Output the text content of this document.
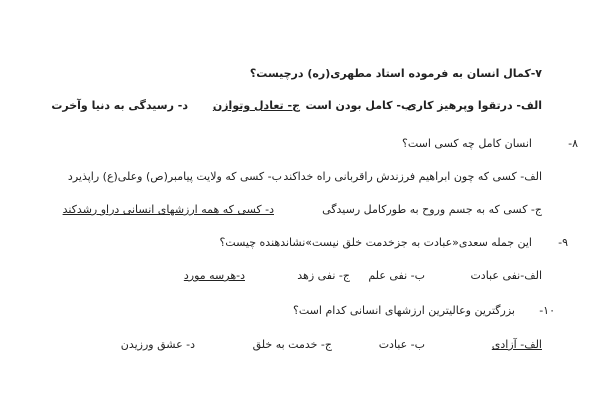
۷-کمال انسان به فرموده استاد مطهری(ره) درچیست؟
الف- درتقوا وپرهیز کاری
ب- کامل بودن است
ج- تعادل وتوازن
د- رسیدگی به دنیا وآخرت
۸-
انسان کامل چه کسی است؟
الف- کسی که چون ابراهیم فرزندش راقربانی راه خداکند
ب- کسی که ولایت پیامبر(ص) وعلی(ع) راپذیرد
ج- کسی که به جسم وروح به طورکامل رسیدگی
د- کسی که همه ارزشهای انسانی دراو رشدکند
۹-
این جمله سعدی«عبادت به جزخدمت خلق نیست»نشاندهنده چیست؟
الف-نفی عبادت
ب- نفی علم
ج- نفی زهد
د-هرسه مورد
۱۰-
بزرگترین وعالیترین ارزشهای انسانی کدام است؟
الف- آزادی
ب- عبادت
ج- خدمت به خلق
د- عشق ورزیدن
